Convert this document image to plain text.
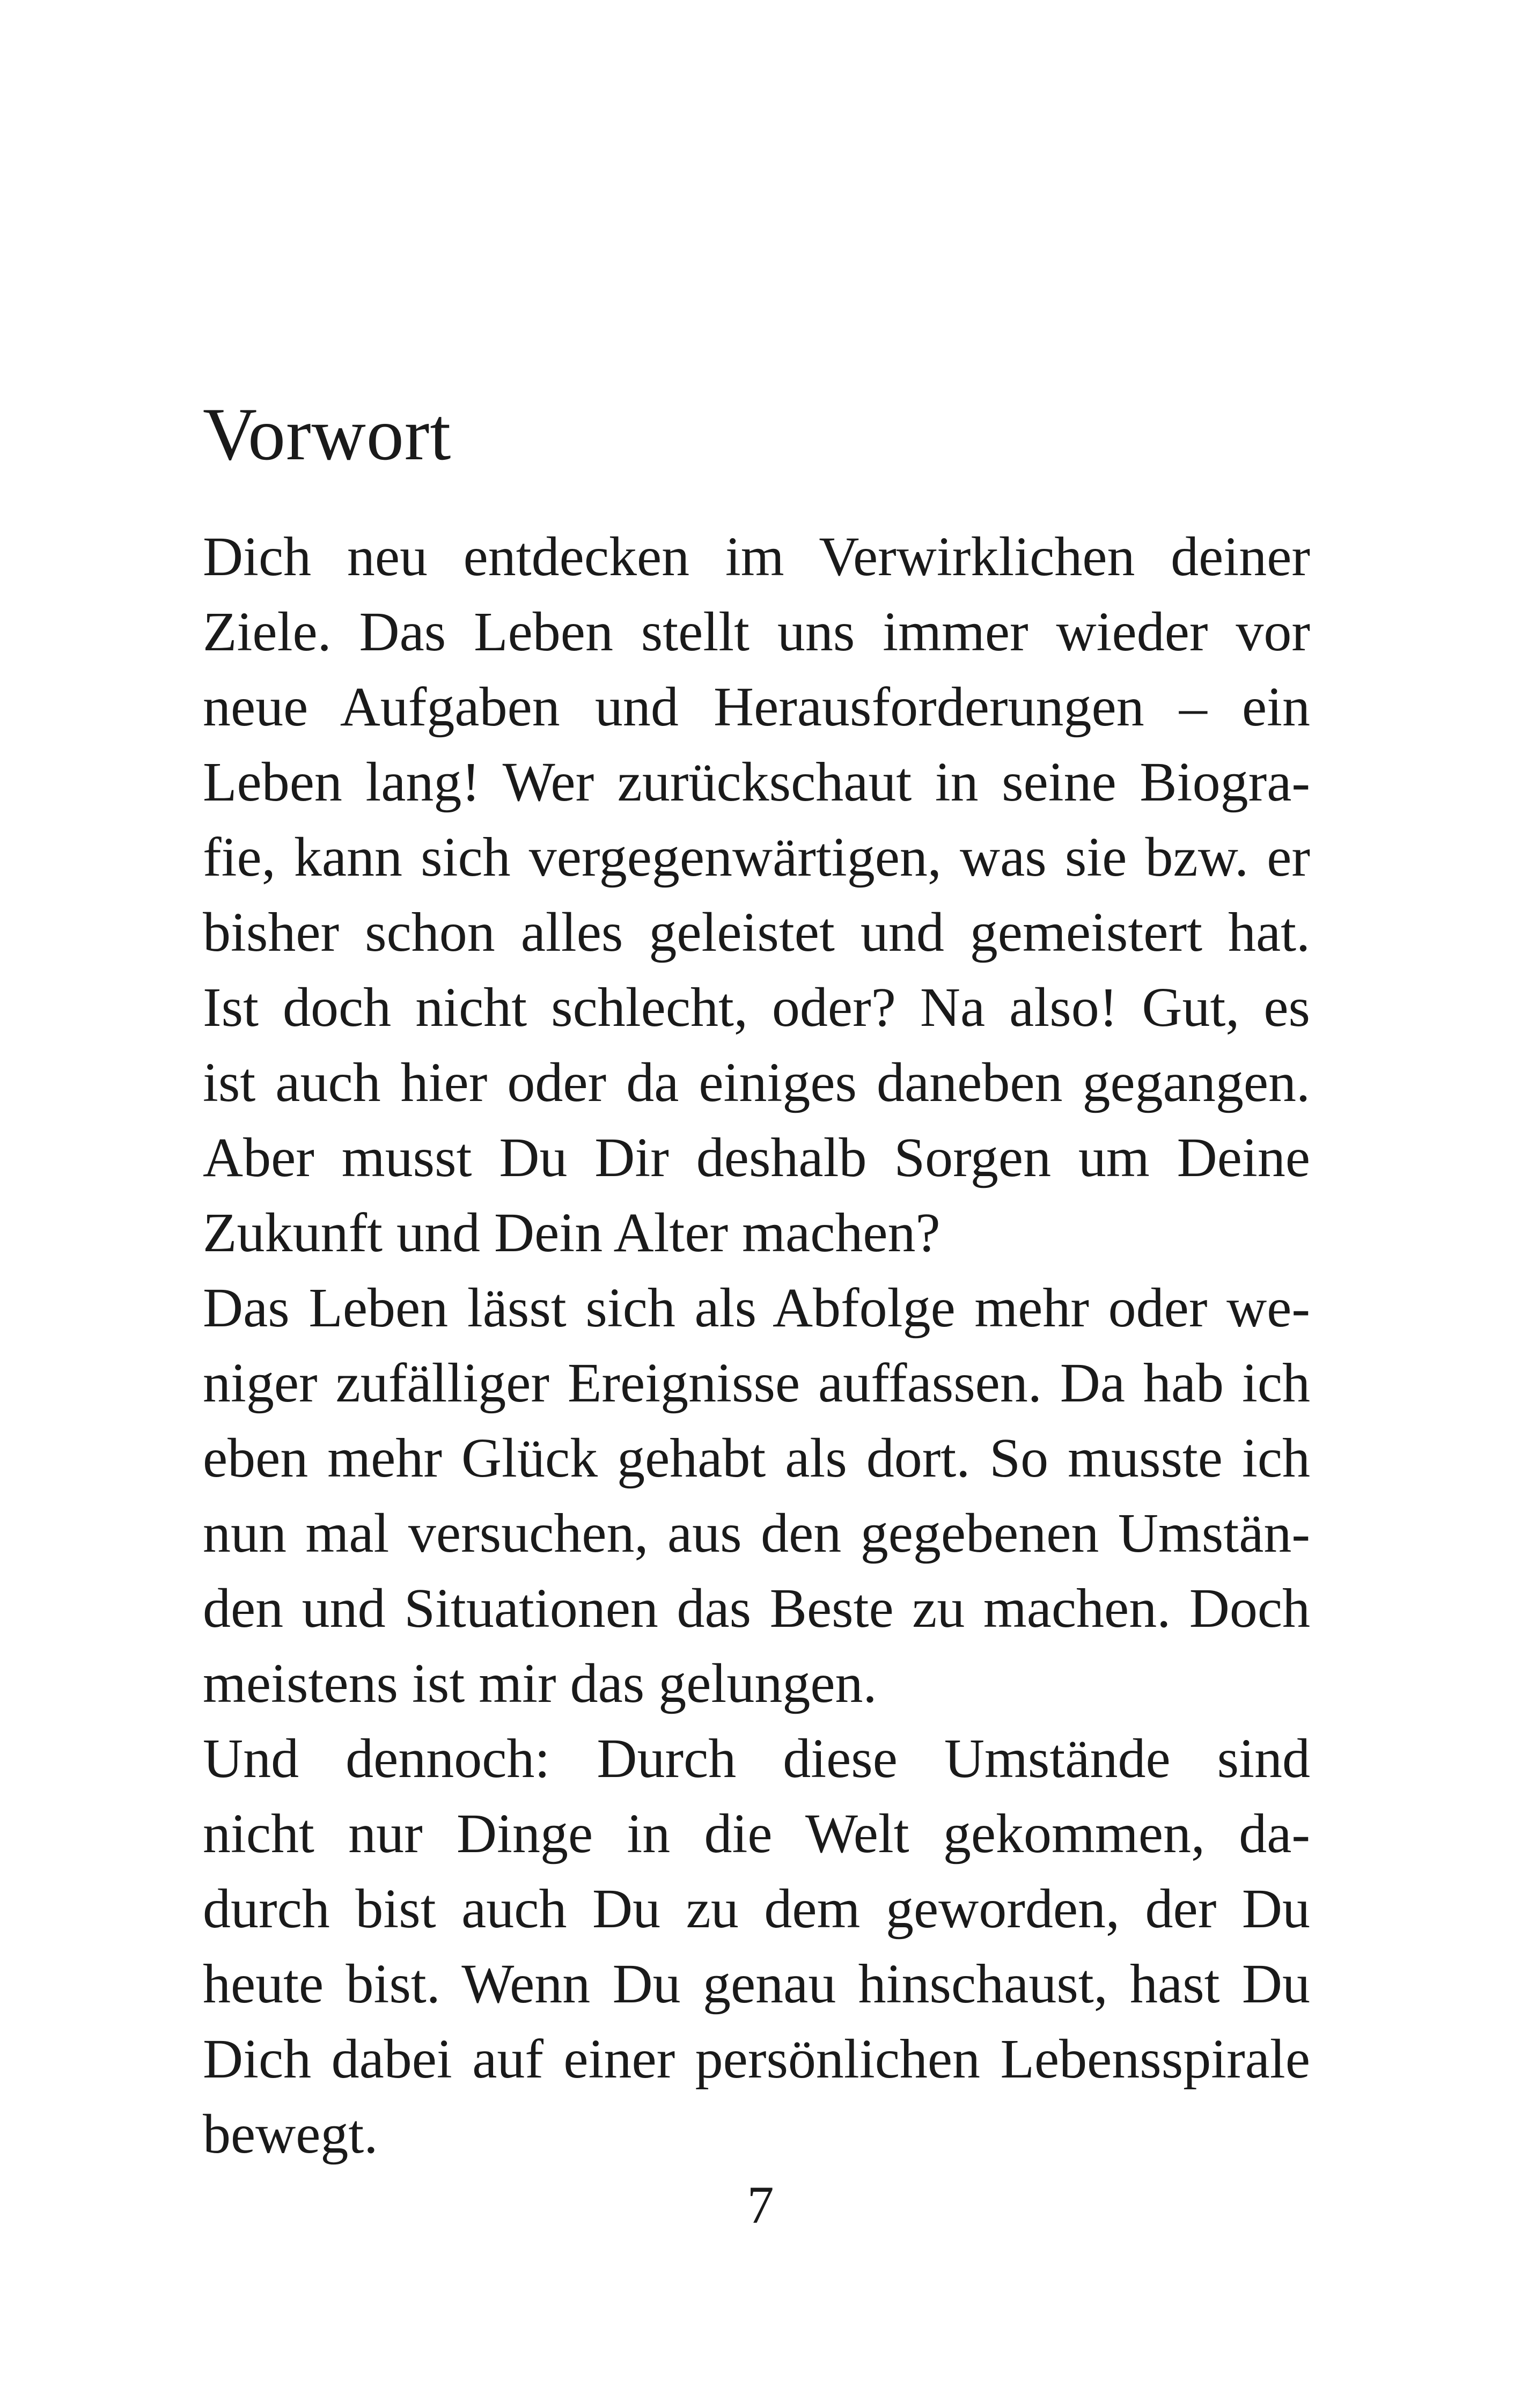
Vorwort
Dich neu entdecken im Verwirklichen deiner
Ziele. Das Leben stellt uns immer wieder vor
neue Aufgaben und Herausforderungen – ein
Leben lang! Wer zurückschaut in seine Biogra-
fie, kann sich vergegenwärtigen, was sie bzw. er
bisher schon alles geleistet und gemeistert hat.
Ist doch nicht schlecht, oder? Na also! Gut, es
ist auch hier oder da einiges daneben gegangen.
Aber musst Du Dir deshalb Sorgen um Deine
Zukunft und Dein Alter machen?
Das Leben lässt sich als Abfolge mehr oder we-
niger zufälliger Ereignisse auffassen. Da hab ich
eben mehr Glück gehabt als dort. So musste ich
nun mal versuchen, aus den gegebenen Umstän-
den und Situationen das Beste zu machen. Doch
meistens ist mir das gelungen.
Und dennoch: Durch diese Umstände sind
nicht nur Dinge in die Welt gekommen, da-
durch bist auch Du zu dem geworden, der Du
heute bist. Wenn Du genau hinschaust, hast Du
Dich dabei auf einer persönlichen Lebensspirale
bewegt.
7
